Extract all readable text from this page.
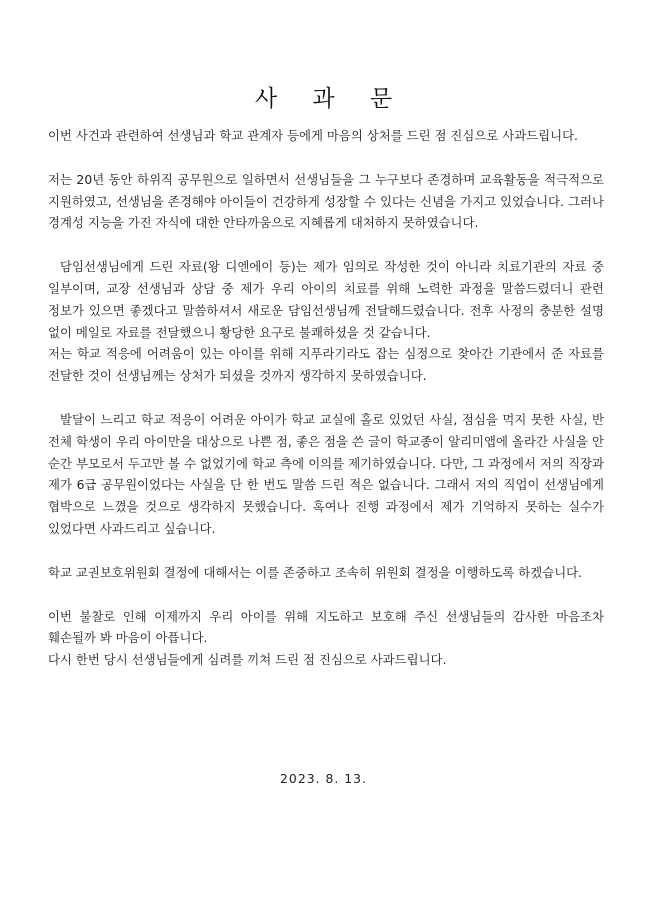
사 과 문

이번 사건과 관련하여 선생님과 학교 관계자 등에게 마음의 상처를 드린 점 진심으로 사과드립니다.

저는 20년 동안 하위직 공무원으로 일하면서 선생님들을 그 누구보다 존경하며 교육활동을 적극적으로 지원하였고, 선생님을 존경해야 아이들이 건강하게 성장할 수 있다는 신념을 가지고 있었습니다. 그러나 경계성 지능을 가진 자식에 대한 안타까움으로 지혜롭게 대처하지 못하였습니다.

담임선생님에게 드린 자료(왕 디엔에이 등)는 제가 임의로 작성한 것이 아니라 치료기관의 자료 중 일부이며, 교장 선생님과 상담 중 제가 우리 아이의 치료를 위해 노력한 과정을 말씀드렸더니 관련 정보가 있으면 좋겠다고 말씀하셔서 새로운 담임선생님께 전달해드렸습니다. 전후 사정의 충분한 설명 없이 메일로 자료를 전달했으니 황당한 요구로 불쾌하셨을 것 같습니다.

저는 학교 적응에 어려움이 있는 아이를 위해 지푸라기라도 잡는 심정으로 찾아간 기관에서 준 자료를 전달한 것이 선생님께는 상처가 되셨을 것까지 생각하지 못하였습니다.

발달이 느리고 학교 적응이 어려운 아이가 학교 교실에 홀로 있었던 사실, 점심을 먹지 못한 사실, 반 전체 학생이 우리 아이만을 대상으로 나쁜 점, 좋은 점을 쓴 글이 학교종이 알리미앱에 올라간 사실을 안 순간 부모로서 두고만 볼 수 없었기에 학교 측에 이의를 제기하였습니다. 다만, 그 과정에서 저의 직장과 제가 6급 공무원이었다는 사실을 단 한 번도 말씀 드린 적은 없습니다. 그래서 저의 직업이 선생님에게 협박으로 느꼈을 것으로 생각하지 못했습니다. 혹여나 진행 과정에서 제가 기억하지 못하는 실수가 있었다면 사과드리고 싶습니다.

학교 교권보호위원회 결정에 대해서는 이를 존중하고 조속히 위원회 결정을 이행하도록 하겠습니다.

이번 불찰로 인해 이제까지 우리 아이를 위해 지도하고 보호해 주신 선생님들의 감사한 마음조차 훼손될까 봐 마음이 아픕니다.

다시 한번 당시 선생님들에게 심려를 끼쳐 드린 점 진심으로 사과드립니다.

2023. 8. 13.
